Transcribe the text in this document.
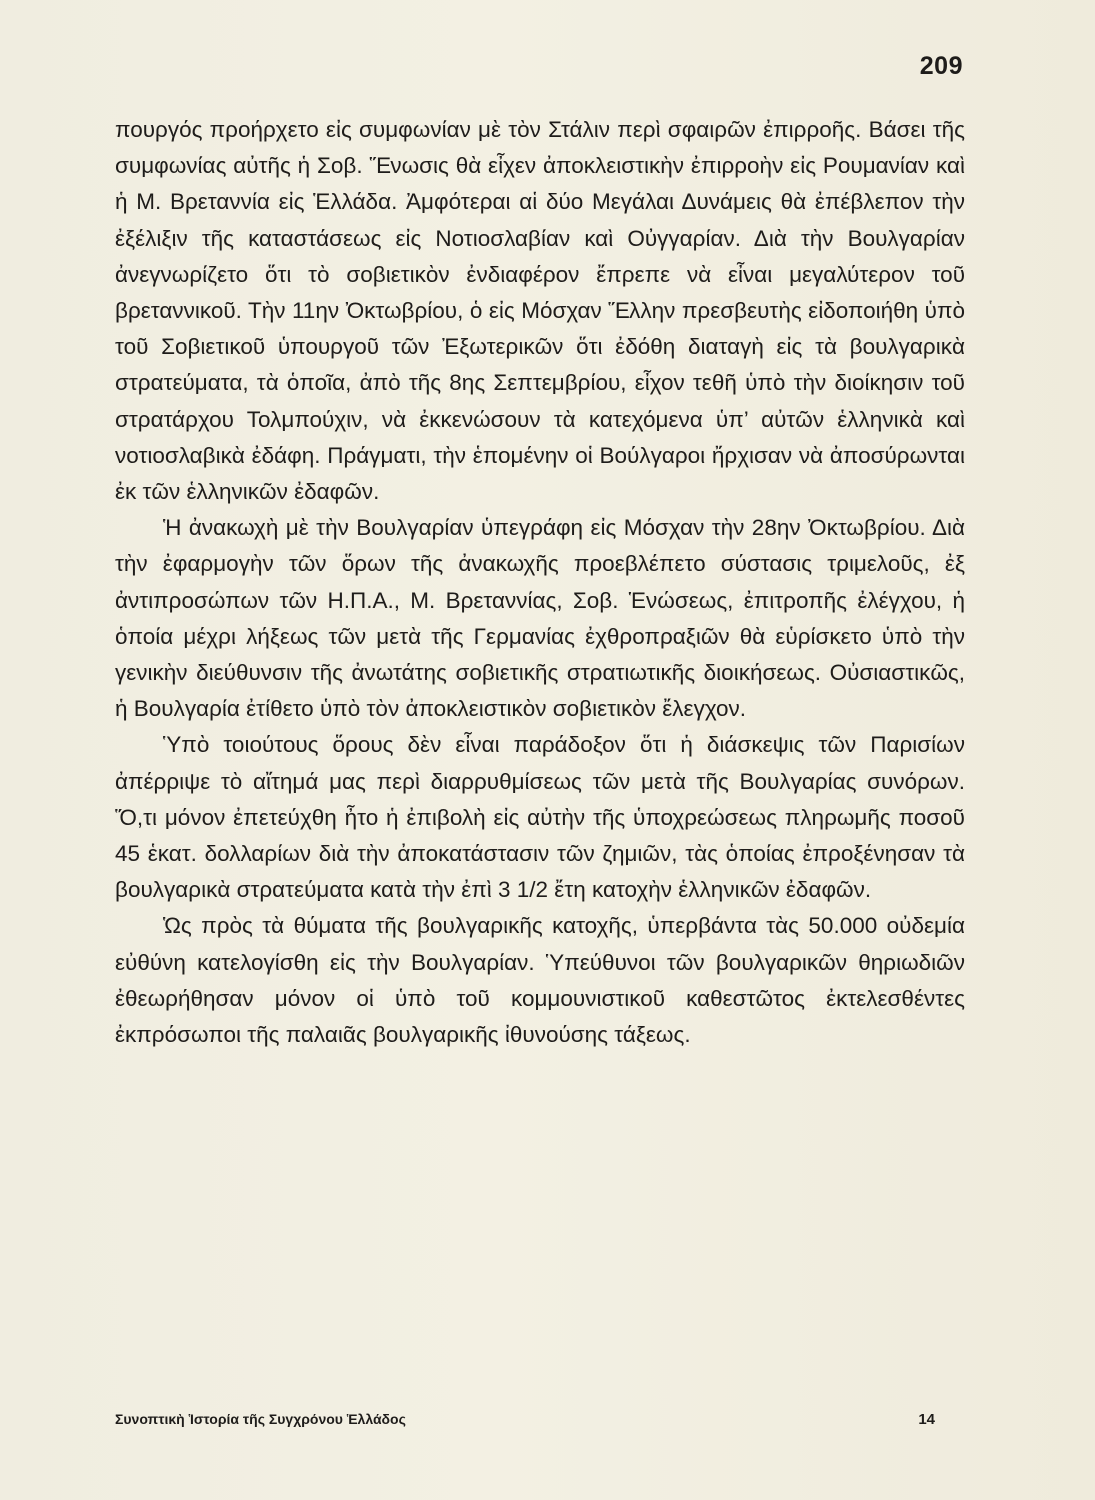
209

πουργός προήρχετο εἰς συμφωνίαν μὲ τὸν Στάλιν περὶ σφαιρῶν ἐπιρροῆς. Βάσει τῆς συμφωνίας αὐτῆς ἡ Σοβ. Ἕνωσις θὰ εἶχεν ἀποκλειστικὴν ἐπιρροὴν εἰς Ρουμανίαν καὶ ἡ Μ. Βρεταννία εἰς Ἑλλάδα. Ἀμφότεραι αἱ δύο Μεγάλαι Δυνάμεις θὰ ἐπέβλεπον τὴν ἐξέλιξιν τῆς καταστάσεως εἰς Νοτιοσλαβίαν καὶ Οὐγγαρίαν. Διὰ τὴν Βουλγαρίαν ἀνεγνωρίζετο ὅτι τὸ σοβιετικὸν ἐνδιαφέρον ἔπρεπε νὰ εἶναι μεγαλύτερον τοῦ βρεταννικοῦ. Τὴν 11ην Ὀκτωβρίου, ὁ εἰς Μόσχαν Ἕλλην πρεσβευτὴς εἰδοποιήθη ὑπὸ τοῦ Σοβιετικοῦ ὑπουργοῦ τῶν Ἐξωτερικῶν ὅτι ἐδόθη διαταγὴ εἰς τὰ βουλγαρικὰ στρατεύματα, τὰ ὁποῖα, ἀπὸ τῆς 8ης Σεπτεμβρίου, εἶχον τεθῆ ὑπὸ τὴν διοίκησιν τοῦ στρατάρχου Τολμπούχιν, νὰ ἐκκενώσουν τὰ κατεχόμενα ὑπ’ αὐτῶν ἑλληνικὰ καὶ νοτιοσλαβικὰ ἐδάφη. Πράγματι, τὴν ἑπομένην οἱ Βούλγαροι ἤρχισαν νὰ ἀποσύρωνται ἐκ τῶν ἑλληνικῶν ἐδαφῶν.

Ἡ ἀνακωχὴ μὲ τὴν Βουλγαρίαν ὑπεγράφη εἰς Μόσχαν τὴν 28ην Ὀκτωβρίου. Διὰ τὴν ἐφαρμογὴν τῶν ὅρων τῆς ἀνακωχῆς προεβλέπετο σύστασις τριμελοῦς, ἐξ ἀντιπροσώπων τῶν Η.Π.Α., Μ. Βρεταννίας, Σοβ. Ἑνώσεως, ἐπιτροπῆς ἐλέγχου, ἡ ὁποία μέχρι λήξεως τῶν μετὰ τῆς Γερμανίας ἐχθροπραξιῶν θὰ εὑρίσκετο ὑπὸ τὴν γενικὴν διεύθυνσιν τῆς ἀνωτάτης σοβιετικῆς στρατιωτικῆς διοικήσεως. Οὐσιαστικῶς, ἡ Βουλγαρία ἐτίθετο ὑπὸ τὸν ἀποκλειστικὸν σοβιετικὸν ἔλεγχον.

Ὑπὸ τοιούτους ὅρους δὲν εἶναι παράδοξον ὅτι ἡ διάσκεψις τῶν Παρισίων ἀπέρριψε τὸ αἴτημά μας περὶ διαρρυθμίσεως τῶν μετὰ τῆς Βουλγαρίας συνόρων. Ὅ,τι μόνον ἐπετεύχθη ἦτο ἡ ἐπιβολὴ εἰς αὐτὴν τῆς ὑποχρεώσεως πληρωμῆς ποσοῦ 45 ἑκατ. δολλαρίων διὰ τὴν ἀποκατάστασιν τῶν ζημιῶν, τὰς ὁποίας ἐπροξένησαν τὰ βουλγαρικὰ στρατεύματα κατὰ τὴν ἐπὶ 3 1/2 ἔτη κατοχὴν ἑλληνικῶν ἐδαφῶν.

Ὡς πρὸς τὰ θύματα τῆς βουλγαρικῆς κατοχῆς, ὑπερβάντα τὰς 50.000 οὐδεμία εὐθύνη κατελογίσθη εἰς τὴν Βουλγαρίαν. Ὑπεύθυνοι τῶν βουλγαρικῶν θηριωδιῶν ἐθεωρήθησαν μόνον οἱ ὑπὸ τοῦ κομμουνιστικοῦ καθεστῶτος ἐκτελεσθέντες ἐκπρόσωποι τῆς παλαιᾶς βουλγαρικῆς ἰθυνούσης τάξεως.

Συνοπτικὴ Ἱστορία τῆς Συγχρόνου Ἑλλάδος	14
